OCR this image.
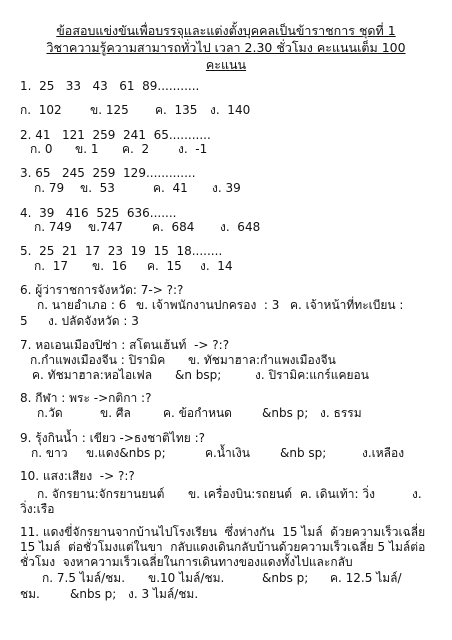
ข้อสอบแข่งขันเพื่อบรรจุและแต่งตั้งบุคคลเป็นข้าราชการ ชุดที่ 1
วิชาความรู้ความสามารถทั่วไป เวลา 2.30 ชั่วโมง คะแนนเต็ม 100
คะแนน
1.  25   33   43   61  89...........
ก.  102 ข. 125 ค.  135 ง.  140
2. 41   121  259  241  65...........
ก. 0 ข. 1 ค.  2 ง.  -1
3. 65   245  259  129.............
ก. 79 ข.  53	ค.  41 ง. 39
4.  39   416  525  636.......
ก. 749 ข.747 ค.  684 ง.  648
5.  25  21  17  23  19  15  18........
ก.  17 ข.  16 ค.  15 ง.  14
6. ผู้ว่าราชการจังหวัด: 7-> ?:?
ก. นายอำเภอ : 6 ข. เจ้าพนักงานปกครอง  : 3 ค. เจ้าหน้าที่ทะเบียน :
5 ง. ปลัดจังหวัด : 3
7. หอเอนเมืองปิซ่า : สโตนเฮ้นท์  -> ?:?
ก.กำแพงเมืองจีน : ปิรามิค ข. ทัชมาฮาล:กำแพงเมืองจีน
ค. ทัชมาฮาล:หอไอเฟล &n bsp;	ง. ปิรามิค:แกร์แคยอน
8. กีฬา : พระ ->กติกา :?
ก.วัด	ข. ศีล	ค. ข้อกำหนด	&nbs p; ง. ธรรม
9. รุ้งกินน้ำ : เขียว ->ธงชาติไทย :?
ก. ขาว ข.แดง&nbs p;	ค.น้ำเงิน	&nb sp;	ง.เหลือง
10. แสง:เสียง  -> ?:?
ก. จักรยาน:จักรยานยนต์ ข. เครื่องบิน:รถยนต์ ค. เดินเท้า: วิ่ง	ง.
วิ่ง:เรือ
11. แดงขี่จักรยานจากบ้านไปโรงเรียน  ซึ่งห่างกัน  15 ไมล์  ด้วยความเร็วเฉลี่ย
15 ไมล์  ต่อชั่วโมงแต่ในขา  กลับแดงเดินกลับบ้านด้วยความเร็วเฉลี่ย 5 ไมล์ต่อ
ชั่วโมง  จงหาความเร็วเฉลี่ยในการเดินทางของแดงทั้งไปและกลับ
ก. 7.5 ไมล์/ชม. ข.10 ไมล์/ชม.	&nbs p; ค. 12.5 ไมล์/
ชม.	&nbs p; ง. 3 ไมล์/ชม.
